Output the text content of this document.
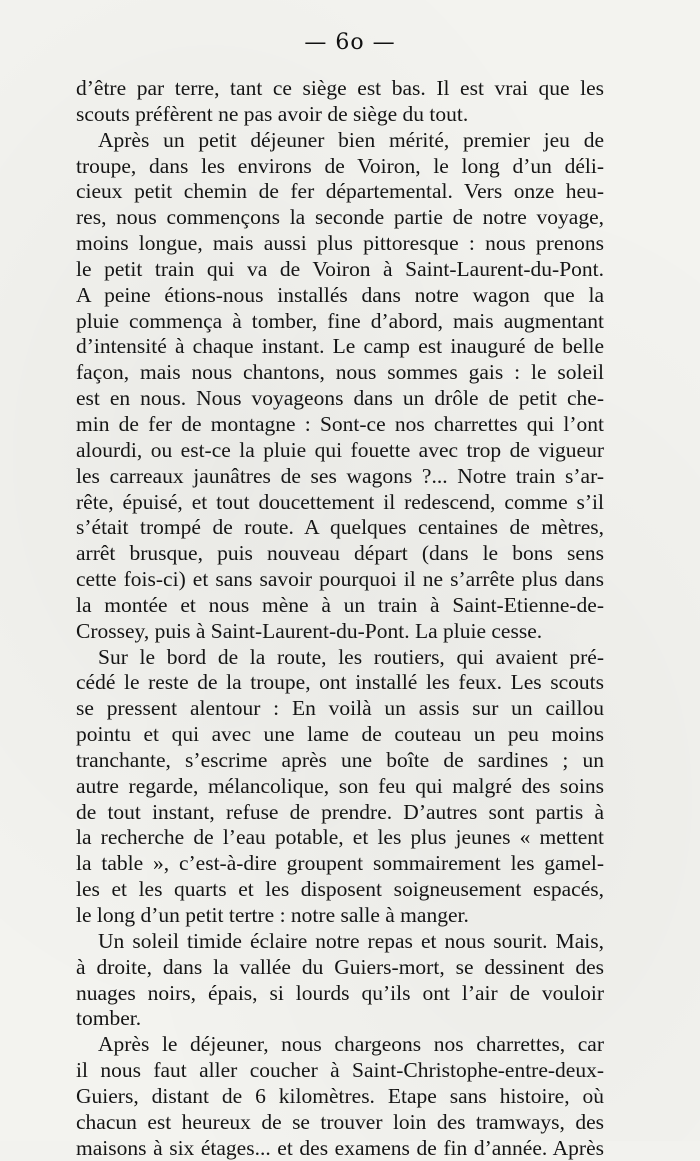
— 6o —
d’être par terre, tant ce siège est bas. Il est vrai que les
scouts préfèrent ne pas avoir de siège du tout.
Après un petit déjeuner bien mérité, premier jeu de
troupe, dans les environs de Voiron, le long d’un déli-
cieux petit chemin de fer départemental. Vers onze heu-
res, nous commençons la seconde partie de notre voyage,
moins longue, mais aussi plus pittoresque : nous prenons
le petit train qui va de Voiron à Saint-Laurent-du-Pont.
A peine étions-nous installés dans notre wagon que la
pluie commença à tomber, fine d’abord, mais augmentant
d’intensité à chaque instant. Le camp est inauguré de belle
façon, mais nous chantons, nous sommes gais : le soleil
est en nous. Nous voyageons dans un drôle de petit che-
min de fer de montagne : Sont-ce nos charrettes qui l’ont
alourdi, ou est-ce la pluie qui fouette avec trop de vigueur
les carreaux jaunâtres de ses wagons ?... Notre train s’ar-
rête, épuisé, et tout doucettement il redescend, comme s’il
s’était trompé de route. A quelques centaines de mètres,
arrêt brusque, puis nouveau départ (dans le bons sens
cette fois-ci) et sans savoir pourquoi il ne s’arrête plus dans
la montée et nous mène à un train à Saint-Etienne-de-
Crossey, puis à Saint-Laurent-du-Pont. La pluie cesse.
Sur le bord de la route, les routiers, qui avaient pré-
cédé le reste de la troupe, ont installé les feux. Les scouts
se pressent alentour : En voilà un assis sur un caillou
pointu et qui avec une lame de couteau un peu moins
tranchante, s’escrime après une boîte de sardines ; un
autre regarde, mélancolique, son feu qui malgré des soins
de tout instant, refuse de prendre. D’autres sont partis à
la recherche de l’eau potable, et les plus jeunes « mettent
la table », c’est-à-dire groupent sommairement les gamel-
les et les quarts et les disposent soigneusement espacés,
le long d’un petit tertre : notre salle à manger.
Un soleil timide éclaire notre repas et nous sourit. Mais,
à droite, dans la vallée du Guiers-mort, se dessinent des
nuages noirs, épais, si lourds qu’ils ont l’air de vouloir
tomber.
Après le déjeuner, nous chargeons nos charrettes, car
il nous faut aller coucher à Saint-Christophe-entre-deux-
Guiers, distant de 6 kilomètres. Etape sans histoire, où
chacun est heureux de se trouver loin des tramways, des
maisons à six étages... et des examens de fin d’année. Après
